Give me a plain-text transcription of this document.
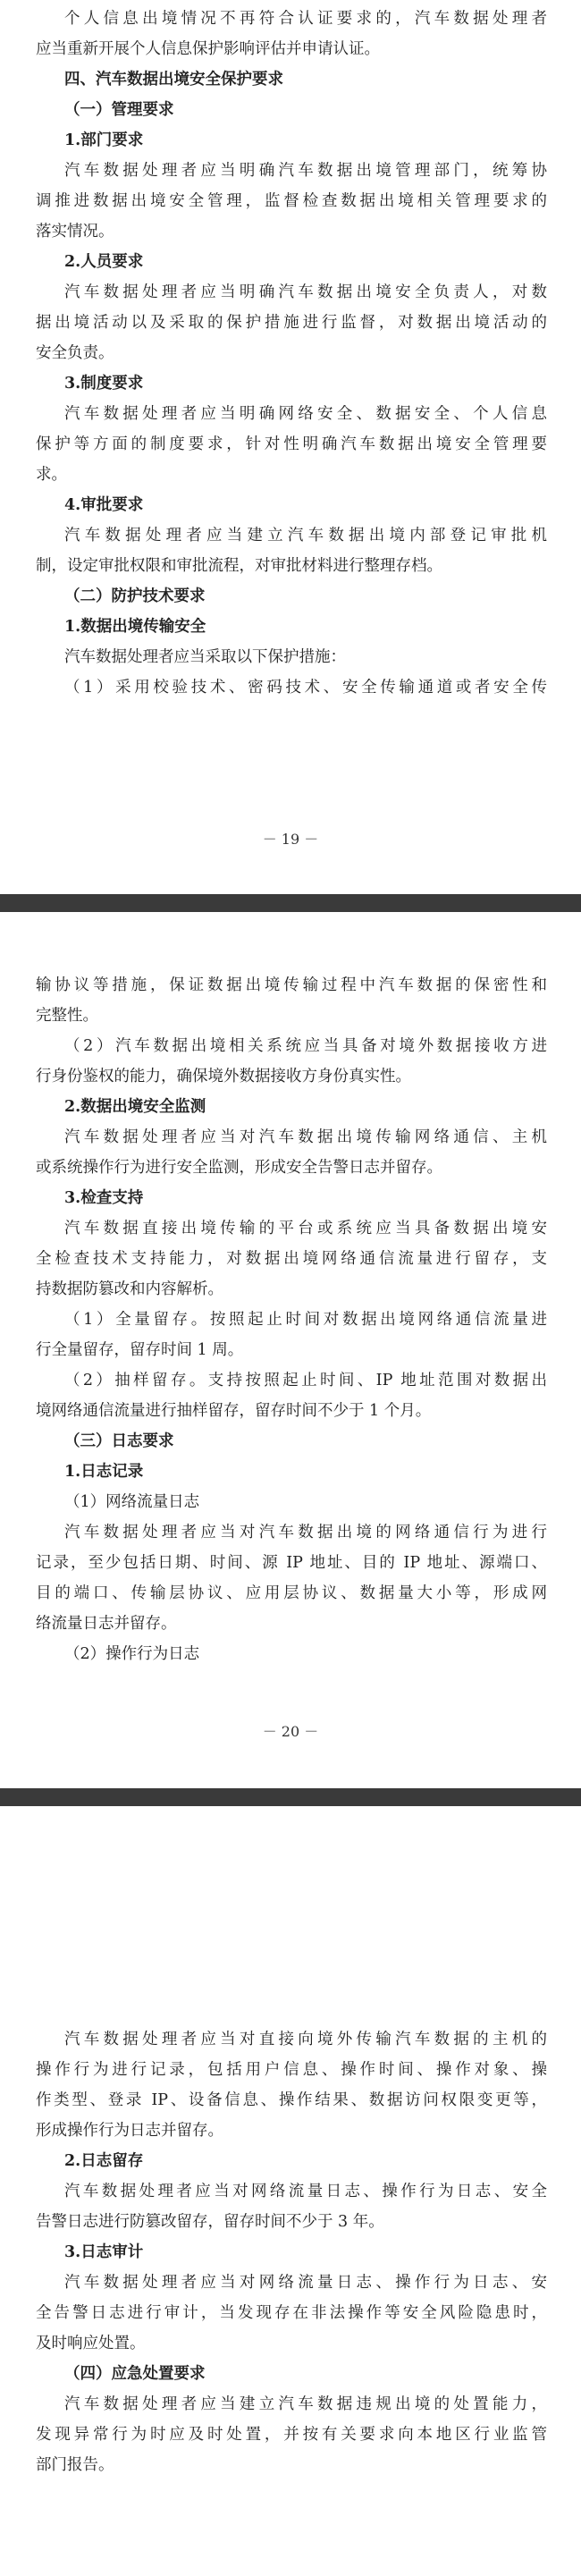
个人信息出境情况不再符合认证要求的，汽车数据处理者
应当重新开展个人信息保护影响评估并申请认证。
四、汽车数据出境安全保护要求
（一）管理要求
1.部门要求
汽车数据处理者应当明确汽车数据出境管理部门，统筹协
调推进数据出境安全管理，监督检查数据出境相关管理要求的
落实情况。
2.人员要求
汽车数据处理者应当明确汽车数据出境安全负责人，对数
据出境活动以及采取的保护措施进行监督，对数据出境活动的
安全负责。
3.制度要求
汽车数据处理者应当明确网络安全、数据安全、个人信息
保护等方面的制度要求，针对性明确汽车数据出境安全管理要
求。
4.审批要求
汽车数据处理者应当建立汽车数据出境内部登记审批机
制，设定审批权限和审批流程，对审批材料进行整理存档。
（二）防护技术要求
1.数据出境传输安全
汽车数据处理者应当采取以下保护措施：
（1）采用校验技术、密码技术、安全传输通道或者安全传
－ 19 －
输协议等措施，保证数据出境传输过程中汽车数据的保密性和
完整性。
（2）汽车数据出境相关系统应当具备对境外数据接收方进
行身份鉴权的能力，确保境外数据接收方身份真实性。
2.数据出境安全监测
汽车数据处理者应当对汽车数据出境传输网络通信、主机
或系统操作行为进行安全监测，形成安全告警日志并留存。
3.检查支持
汽车数据直接出境传输的平台或系统应当具备数据出境安
全检查技术支持能力，对数据出境网络通信流量进行留存，支
持数据防篡改和内容解析。
（1）全量留存。按照起止时间对数据出境网络通信流量进
行全量留存，留存时间 1 周。
（2）抽样留存。支持按照起止时间、IP 地址范围对数据出
境网络通信流量进行抽样留存，留存时间不少于 1 个月。
（三）日志要求
1.日志记录
（1）网络流量日志
汽车数据处理者应当对汽车数据出境的网络通信行为进行
记录，至少包括日期、时间、源 IP 地址、目的 IP 地址、源端口、
目的端口、传输层协议、应用层协议、数据量大小等，形成网
络流量日志并留存。
（2）操作行为日志
－ 20 －
汽车数据处理者应当对直接向境外传输汽车数据的主机的
操作行为进行记录，包括用户信息、操作时间、操作对象、操
作类型、登录 IP、设备信息、操作结果、数据访问权限变更等，
形成操作行为日志并留存。
2.日志留存
汽车数据处理者应当对网络流量日志、操作行为日志、安全
告警日志进行防篡改留存，留存时间不少于 3 年。
3.日志审计
汽车数据处理者应当对网络流量日志、操作行为日志、安
全告警日志进行审计，当发现存在非法操作等安全风险隐患时，
及时响应处置。
（四）应急处置要求
汽车数据处理者应当建立汽车数据违规出境的处置能力，
发现异常行为时应及时处置，并按有关要求向本地区行业监管
部门报告。
